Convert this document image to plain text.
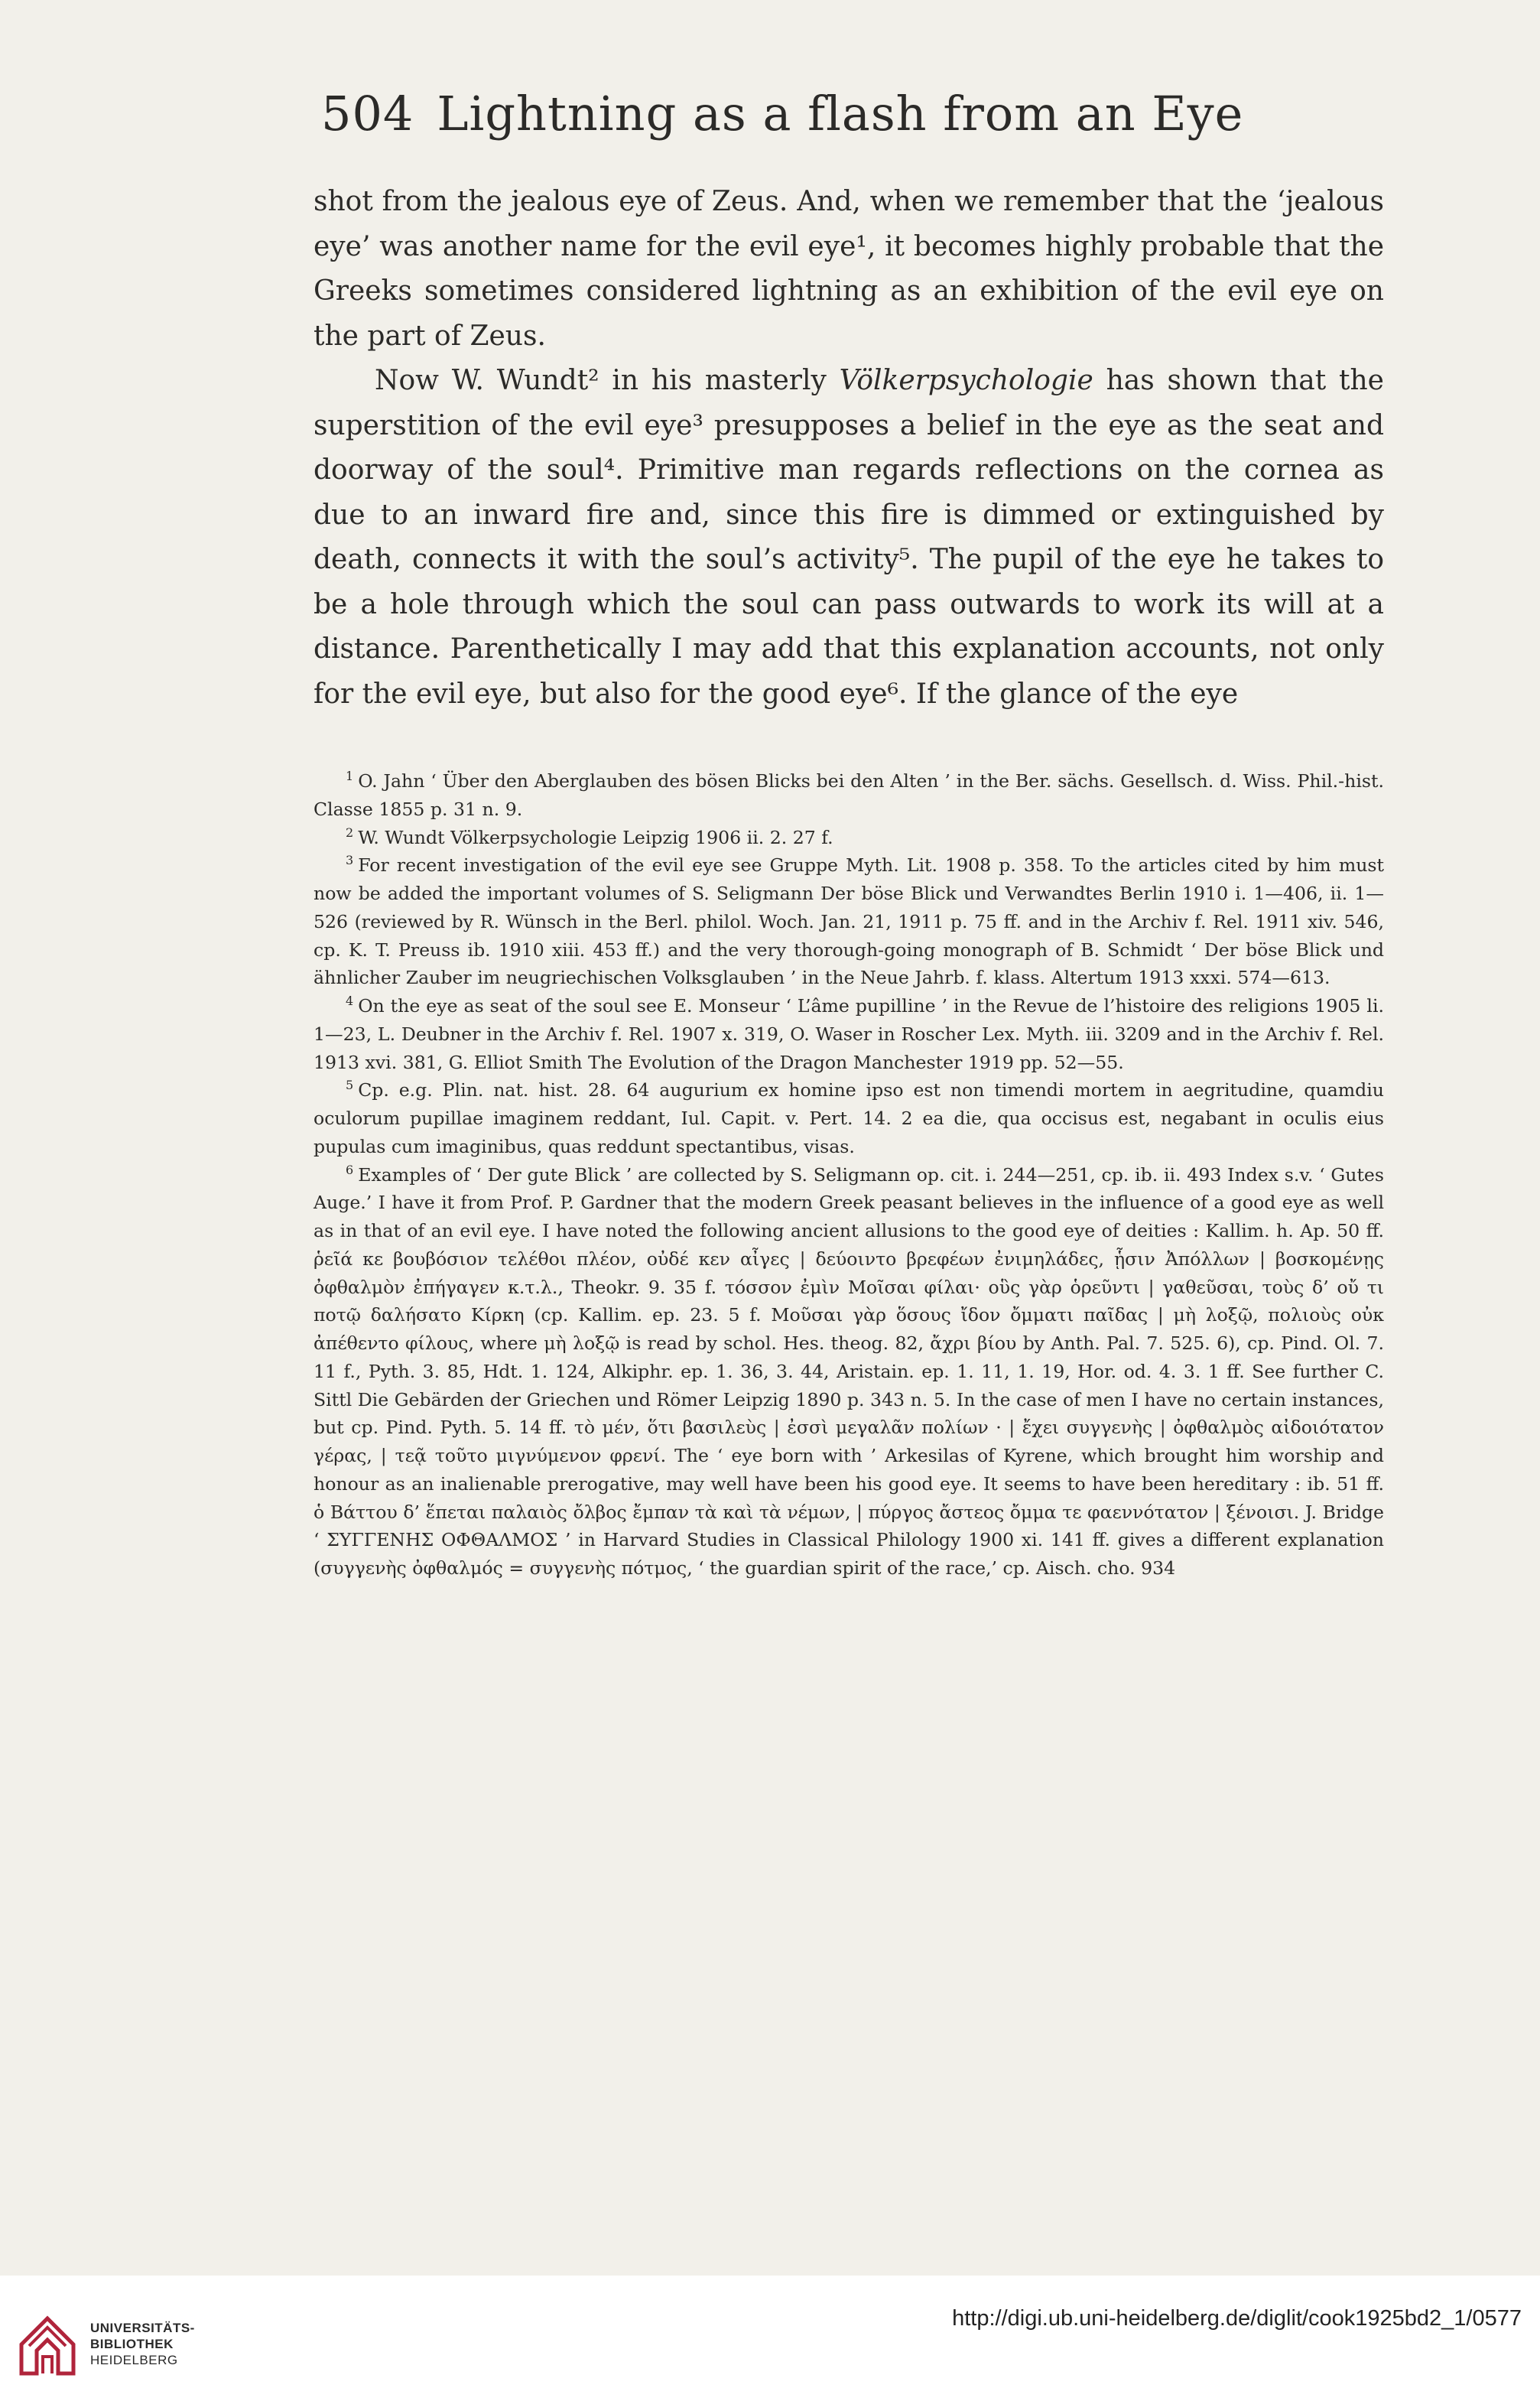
504 Lightning as a flash from an Eye

shot from the jealous eye of Zeus. And, when we remember that the ‘jealous eye’ was another name for the evil eye¹, it becomes highly probable that the Greeks sometimes considered lightning as an exhibition of the evil eye on the part of Zeus.

Now W. Wundt² in his masterly Völkerpsychologie has shown that the superstition of the evil eye³ presupposes a belief in the eye as the seat and doorway of the soul⁴. Primitive man regards reflections on the cornea as due to an inward fire and, since this fire is dimmed or extinguished by death, connects it with the soul’s activity⁵. The pupil of the eye he takes to be a hole through which the soul can pass outwards to work its will at a distance. Parenthetically I may add that this explanation accounts, not only for the evil eye, but also for the good eye⁶. If the glance of the eye

$^1$ O. Jahn ‘ Über den Aberglauben des bösen Blicks bei den Alten ’ in the Ber. sächs. Gesellsch. d. Wiss. Phil.-hist. Classe 1855 p. 31 n. 9.

$^2$ W. Wundt Völkerpsychologie Leipzig 1906 ii. 2. 27 f.

$^3$ For recent investigation of the evil eye see Gruppe Myth. Lit. 1908 p. 358. To the articles cited by him must now be added the important volumes of S. Seligmann Der böse Blick und Verwandtes Berlin 1910 i. 1—406, ii. 1—526 (reviewed by R. Wünsch in the Berl. philol. Woch. Jan. 21, 1911 p. 75 ff. and in the Archiv f. Rel. 1911 xiv. 546, cp. K. T. Preuss ib. 1910 xiii. 453 ff.) and the very thorough-going monograph of B. Schmidt ‘ Der böse Blick und ähnlicher Zauber im neugriechischen Volksglauben ’ in the Neue Jahrb. f. klass. Altertum 1913 xxxi. 574—613.

$^4$ On the eye as seat of the soul see E. Monseur ‘ L’âme pupilline ’ in the Revue de l’histoire des religions 1905 li. 1—23, L. Deubner in the Archiv f. Rel. 1907 x. 319, O. Waser in Roscher Lex. Myth. iii. 3209 and in the Archiv f. Rel. 1913 xvi. 381, G. Elliot Smith The Evolution of the Dragon Manchester 1919 pp. 52—55.

$^5$ Cp. e.g. Plin. nat. hist. 28. 64 augurium ex homine ipso est non timendi mortem in aegritudine, quamdiu oculorum pupillae imaginem reddant, Iul. Capit. v. Pert. 14. 2 ea die, qua occisus est, negabant in oculis eius pupulas cum imaginibus, quas reddunt spectantibus, visas.

$^6$ Examples of ‘ Der gute Blick ’ are collected by S. Seligmann op. cit. i. 244—251, cp. ib. ii. 493 Index s.v. ‘ Gutes Auge.’ I have it from Prof. P. Gardner that the modern Greek peasant believes in the influence of a good eye as well as in that of an evil eye. I have noted the following ancient allusions to the good eye of deities : Kallim. h. Ap. 50 ff. ῥεῖά κε βουβόσιον τελέθοι πλέον, οὐδέ κεν αἶγες | δεύοιντο βρεφέων ἐνιμηλάδες, ᾗσιν Ἀπόλλων | βοσκομένῃς ὀφθαλμὸν ἐπήγαγεν κ.τ.λ., Theokr. 9. 35 f. τόσσον ἐμὶν Μοῖσαι φίλαι· οὓς γὰρ ὁρεῦντι | γαθεῦσαι, τοὺς δ’ οὔ τι ποτῷ δαλήσατο Κίρκη (cp. Kallim. ep. 23. 5 f. Μοῦσαι γὰρ ὅσους ἴδον ὄμματι παῖδας | μὴ λοξῷ, πολιοὺς οὐκ ἀπέθεντο φίλους, where μὴ λοξῷ is read by schol. Hes. theog. 82, ἄχρι βίου by Anth. Pal. 7. 525. 6), cp. Pind. Ol. 7. 11 f., Pyth. 3. 85, Hdt. 1. 124, Alkiphr. ep. 1. 36, 3. 44, Aristain. ep. 1. 11, 1. 19, Hor. od. 4. 3. 1 ff. See further C. Sittl Die Gebärden der Griechen und Römer Leipzig 1890 p. 343 n. 5. In the case of men I have no certain instances, but cp. Pind. Pyth. 5. 14 ff. τὸ μέν, ὅτι βασιλεὺς | ἐσσὶ μεγαλᾶν πολίων · | ἔχει συγγενὴς | ὀφθαλμὸς αἰδοιότατον γέρας, | τεᾷ τοῦτο μιγνύμενον φρενί. The ‘ eye born with ’ Arkesilas of Kyrene, which brought him worship and honour as an inalienable prerogative, may well have been his good eye. It seems to have been hereditary : ib. 51 ff. ὁ Βάττου δ’ ἕπεται παλαιὸς ὄλβος ἔμπαν τὰ καὶ τὰ νέμων, | πύργος ἄστεος ὄμμα τε φαεννότατον | ξένοισι. J. Bridge ‘ ΣΥΓΓΕΝΗΣ ΟΦΘΑΛΜΟΣ ’ in Harvard Studies in Classical Philology 1900 xi. 141 ff. gives a different explanation (συγγενὴς ὀφθαλμός = συγγενὴς πότμος, ‘ the guardian spirit of the race,’ cp. Aisch. cho. 934

UNIVERSITÄTS-
BIBLIOTHEK
HEIDELBERG
http://digi.ub.uni-heidelberg.de/diglit/cook1925bd2_1/0577
